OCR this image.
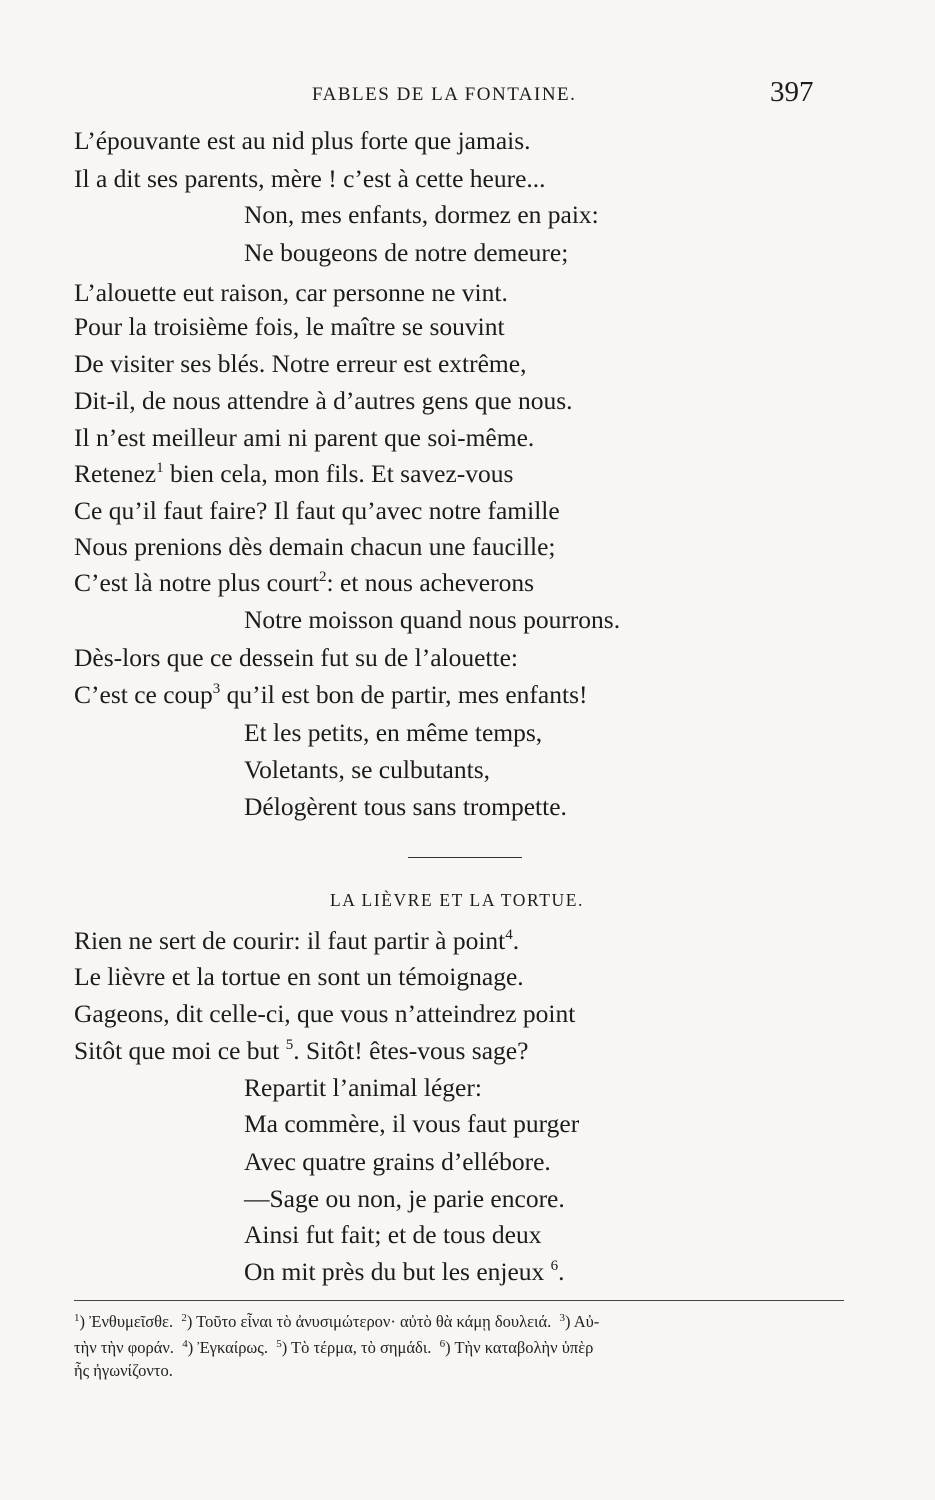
FABLES DE LA FONTAINE.	397
L’épouvante est au nid plus forte que jamais.
Il a dit ses parents, mère ! c’est à cette heure...
Non, mes enfants, dormez en paix:
Ne bougeons de notre demeure;
L’alouette eut raison, car personne ne vint.
Pour la troisième fois, le maître se souvint
De visiter ses blés. Notre erreur est extrême,
Dit-il, de nous attendre à d’autres gens que nous.
Il n’est meilleur ami ni parent que soi-même.
Retenez$^1$ bien cela, mon fils. Et savez-vous
Ce qu’il faut faire? Il faut qu’avec notre famille
Nous prenions dès demain chacun une faucille;
C’est là notre plus court$^2$: et nous acheverons
Notre moisson quand nous pourrons.
Dès-lors que ce dessein fut su de l’alouette:
C’est ce coup$^3$ qu’il est bon de partir, mes enfants!
Et les petits, en même temps,
Voletants, se culbutants,
Délogèrent tous sans trompette.
LA LIÈVRE ET LA TORTUE.
Rien ne sert de courir: il faut partir à point$^4$.
Le lièvre et la tortue en sont un témoignage.
Gageons, dit celle-ci, que vous n’atteindrez point
Sitôt que moi ce but $^5$. Sitôt! êtes-vous sage?
Repartit l’animal léger:
Ma commère, il vous faut purger
Avec quatre grains d’ellébore.
—Sage ou non, je parie encore.
Ainsi fut fait; et de tous deux
On mit près du but les enjeux $^6$.

$^1$) Ἐνθυμεῖσθε. $^2$) Τοῦτο εἶναι τὸ ἀνυσιμώτερον· αὐτὸ θὰ κάμῃ δουλειά. $^3$) Αὐ-

τὴν τὴν φοράν. $^4$) Ἐγκαίρως. $^5$) Τὸ τέρμα, τὸ σημάδι. $^6$) Τὴν καταβολὴν ὑπὲρ

ἧς ἠγωνίζοντο.
